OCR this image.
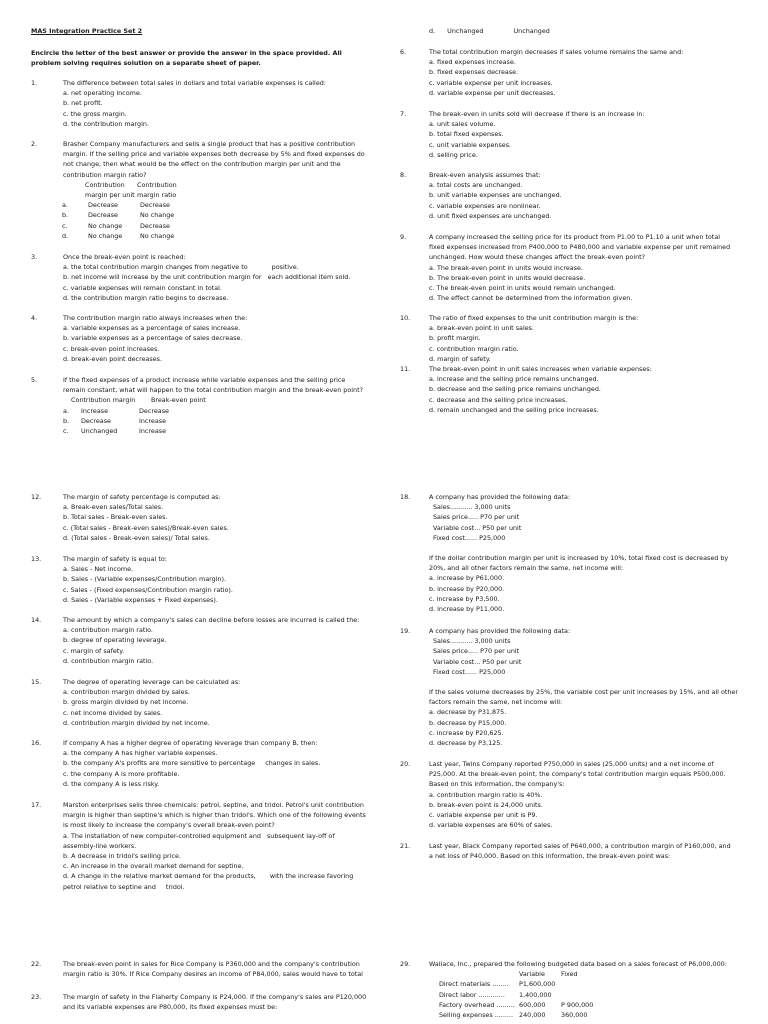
MAS Integration Practice Set 2
Encircle the letter of the best answer or provide the answer in the space provided. All problem solving requires solution on a separate sheet of paper.
1.	The difference between total sales in dollars and total variable expenses is called:
a. net operating income.
b. net profit.
c. the gross margin.
d. the contribution margin.
2.	Brasher Company manufacturers and sells a single product that has a positive contribution
margin. If the selling price and variable expenses both decrease by 5% and fixed expenses do
not change, then what would be the effect on the contribution margin per unit and the
contribution margin ratio?
	Contribution	Contribution
	margin per unit	margin ratio
a.	Decrease	Decrease
b.	Decrease	No change
c.	No change	Decrease
d.	No change	No change
3.	Once the break-even point is reached:
a. the total contribution margin changes from negative to	positive.
b. net income will increase by the unit contribution margin for each additional item sold.
c. variable expenses will remain constant in total.
d. the contribution margin ratio begins to decrease.
4.	The contribution margin ratio always increases when the:
a. variable expenses as a percentage of sales increase.
b. variable expenses as a percentage of sales decrease.
c. break-even point increases.
d. break-even point decreases.
5.	If the fixed expenses of a product increase while variable expenses and the selling price
remain constant, what will happen to the total contribution margin and the break-even point?
	Contribution margin	Break-even point
a.	Increase	Decrease
b.	Decrease	Increase
c.	Unchanged	Increase
12.	The margin of safety percentage is computed as:
a. Break-even sales/Total sales.
b. Total sales - Break-even sales.
c. (Total sales - Break-even sales)/Break-even sales.
d. (Total sales - Break-even sales)/ Total sales.
13.	The margin of safety is equal to:
a. Sales - Net income.
b. Sales - (Variable expenses/Contribution margin).
c. Sales - (Fixed expenses/Contribution margin ratio).
d. Sales - (Variable expenses + Fixed expenses).
14.	The amount by which a company's sales can decline before losses are incurred is called the:
a. contribution margin ratio.
b. degree of operating leverage.
c. margin of safety.
d. contribution margin ratio.
15.	The degree of operating leverage can be calculated as:
a. contribution margin divided by sales.
b. gross margin divided by net income.
c. net income divided by sales.
d. contribution margin divided by net income.
16.	If company A has a higher degree of operating leverage than company B, then:
a. the company A has higher variable expenses.
b. the company A's profits are more sensitive to percentage changes in sales.
c. the company A is more profitable.
d. the company A is less risky.
17.	Marston enterprises sells three chemicals: petrol, septine, and tridol. Petrol's unit contribution
margin is higher than septine's which is higher than tridol's. Which one of the following events
is most likely to increase the company's overall break-even point?
a. The installation of new computer-controlled equipment and subsequent lay-off of
assembly-line workers.
b. A decrease in tridol's selling price.
c. An increase in the overall market demand for septine.
d. A change in the relative market demand for the products, with the increase favoring
petrol relative to septine and tridol.
22.	The break-even point in sales for Rice Company is P360,000 and the company's contribution
margin ratio is 30%. If Rice Company desires an income of P84,000, sales would have to total
23.	The margin of safety in the Flaherty Company is P24,000. If the company's sales are P120,000
and its variable expenses are P80,000, its fixed expenses must be:
d. Unchanged	Unchanged
6.	The total contribution margin decreases if sales volume remains the same and:
a. fixed expenses increase.
b. fixed expenses decrease.
c. variable expense per unit increases.
d. variable expense per unit decreases.
7.	The break-even in units sold will decrease if there is an increase in:
a. unit sales volume.
b. total fixed expenses.
c. unit variable expenses.
d. selling price.
8.	Break-even analysis assumes that:
a. total costs are unchanged.
b. unit variable expenses are unchanged.
c. variable expenses are nonlinear.
d. unit fixed expenses are unchanged.
9.	A company increased the selling price for its product from P1.00 to P1.10 a unit when total
fixed expenses increased from P400,000 to P480,000 and variable expense per unit remained
unchanged. How would these changes affect the break-even point?
a. The break-even point in units would increase.
b. The break-even point in units would decrease.
c. The break-even point in units would remain unchanged.
d. The effect cannot be determined from the information given.
10.	The ratio of fixed expenses to the unit contribution margin is the:
a. break-even point in unit sales.
b. profit margin.
c. contribution margin ratio.
d. margin of safety.
11.	The break-even point in unit sales increases when variable expenses:
a. increase and the selling price remains unchanged.
b. decrease and the selling price remains unchanged.
c. decrease and the selling price increases.
d. remain unchanged and the selling price increases.
18.	A company has provided the following data:
Sales........... 3,000 units
Sales price..... P70 per unit
Variable cost... P50 per unit
Fixed cost...... P25,000
If the dollar contribution margin per unit is increased by 10%, total fixed cost is decreased by
20%, and all other factors remain the same, net income will:
a. increase by P61,000.
b. increase by P20,000.
c. increase by P3,500.
d. increase by P11,000.
19.	A company has provided the following data:
Sales........... 3,000 units
Sales price..... P70 per unit
Variable cost... P50 per unit
Fixed cost...... P25,000
If the sales volume decreases by 25%, the variable cost per unit increases by 15%, and all other
factors remain the same, net income will:
a. decrease by P31,875.
b. decrease by P15,000.
c. increase by P20,625.
d. decrease by P3,125.
20.	Last year, Twins Company reported P750,000 in sales (25,000 units) and a net income of
P25,000. At the break-even point, the company's total contribution margin equals P500,000.
Based on this information, the company's:
a. contribution margin ratio is 40%.
b. break-even point is 24,000 units.
c. variable expense per unit is P9.
d. variable expenses are 60% of sales.
21.	Last year, Black Company reported sales of P640,000, a contribution margin of P160,000, and
a net loss of P40,000. Based on this information, the break-even point was:
29.	Wallace, Inc., prepared the following budgeted data based on a sales forecast of P6,000,000:
	Variable	Fixed
Direct materials ........	P1,600,000	
Direct labor .............	1,400,000	
Factory overhead .........	600,000	P 900,000
Selling expenses .........	240,000	360,000
